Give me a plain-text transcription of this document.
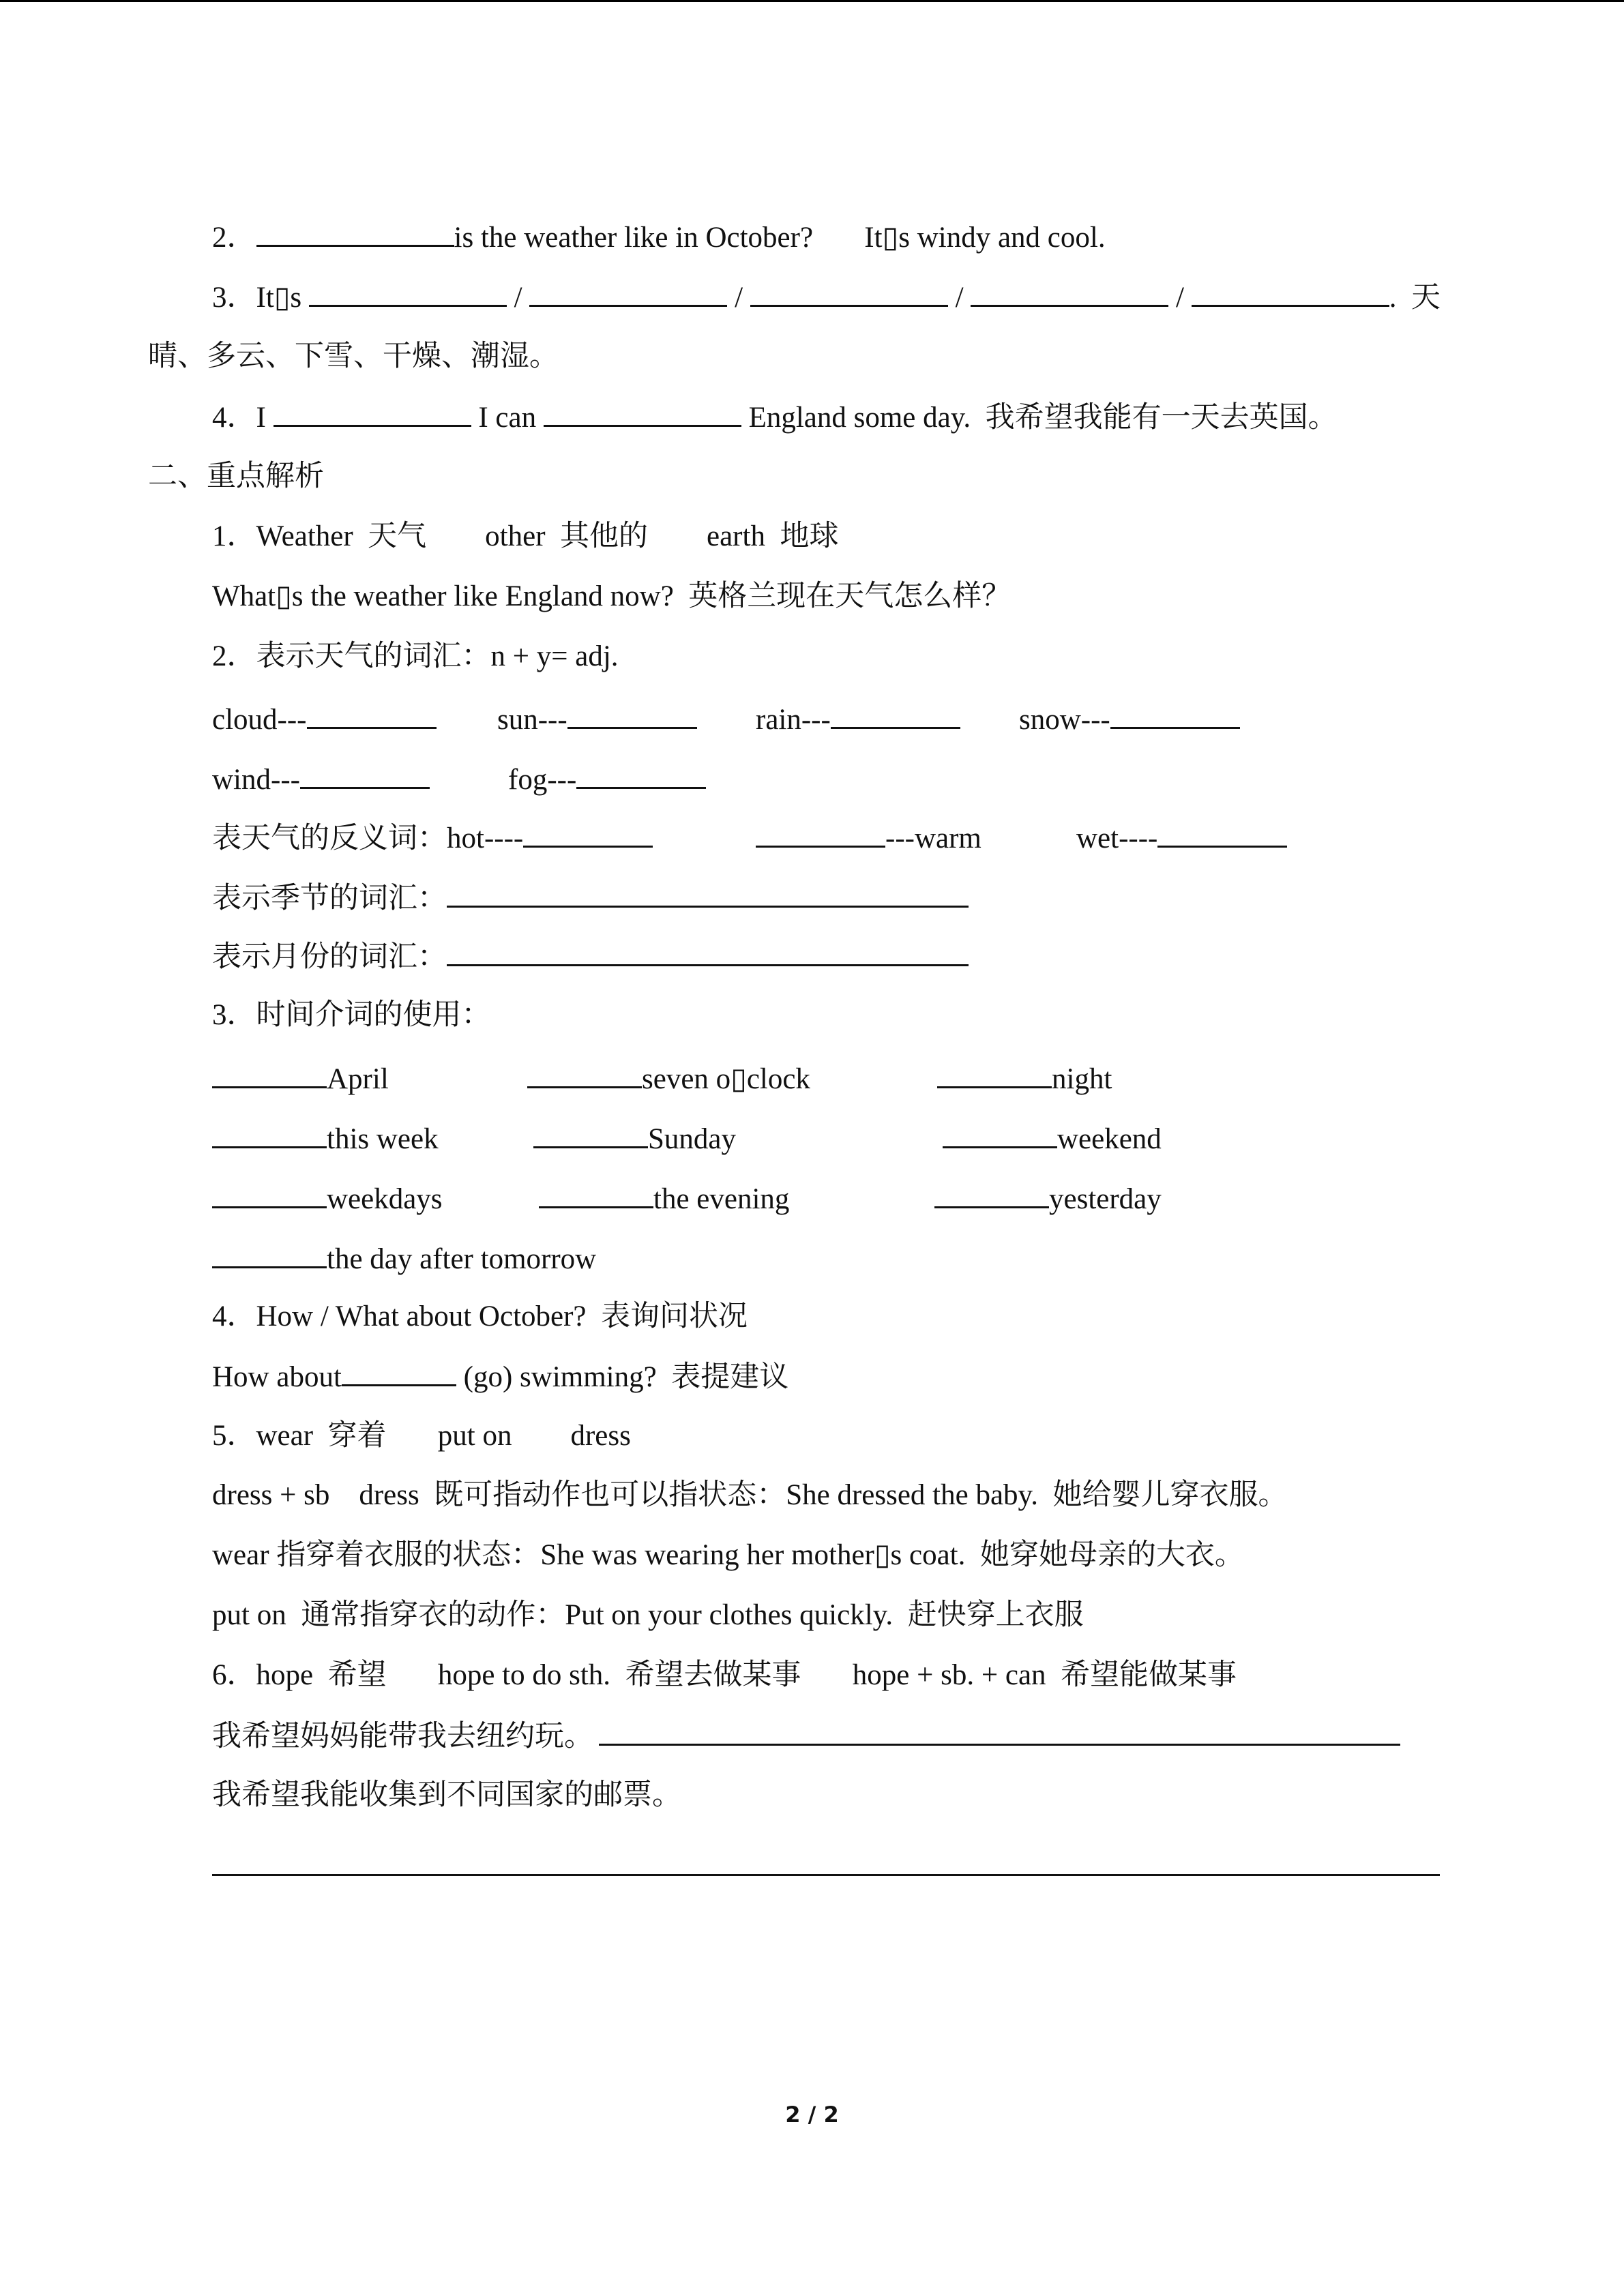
2．	is the weather like in October?       It▯s windy and cool.
3．It▯s	/	/	/	/	.  天
晴、多云、下雪、干燥、潮湿。
4．I	I can	England some day.  我希望我能有一天去英国。
二、重点解析
1．Weather  天气        other  其他的        earth  地球
What▯s the weather like England now?  英格兰现在天气怎么样？
2．表示天气的词汇：n + y= adj.
cloud---	sun---	rain---	snow---
wind---	fog---
表天气的反义词：hot----	---warm	wet----
表示季节的词汇：
表示月份的词汇：
3．时间介词的使用：
April	seven o▯clock	night
this week	Sunday	weekend
weekdays	the evening	yesterday
the day after tomorrow
4．How / What about October?  表询问状况
How about	(go) swimming?  表提建议
5．wear  穿着       put on        dress
dress + sb    dress  既可指动作也可以指状态：She dressed the baby.  她给婴儿穿衣服。
wear 指穿着衣服的状态：She was wearing her mother▯s coat.  她穿她母亲的大衣。
put on  通常指穿衣的动作：Put on your clothes quickly.  赶快穿上衣服
6．hope  希望       hope to do sth.  希望去做某事       hope + sb. + can  希望能做某事
我希望妈妈能带我去纽约玩。
我希望我能收集到不同国家的邮票。
2 / 2
